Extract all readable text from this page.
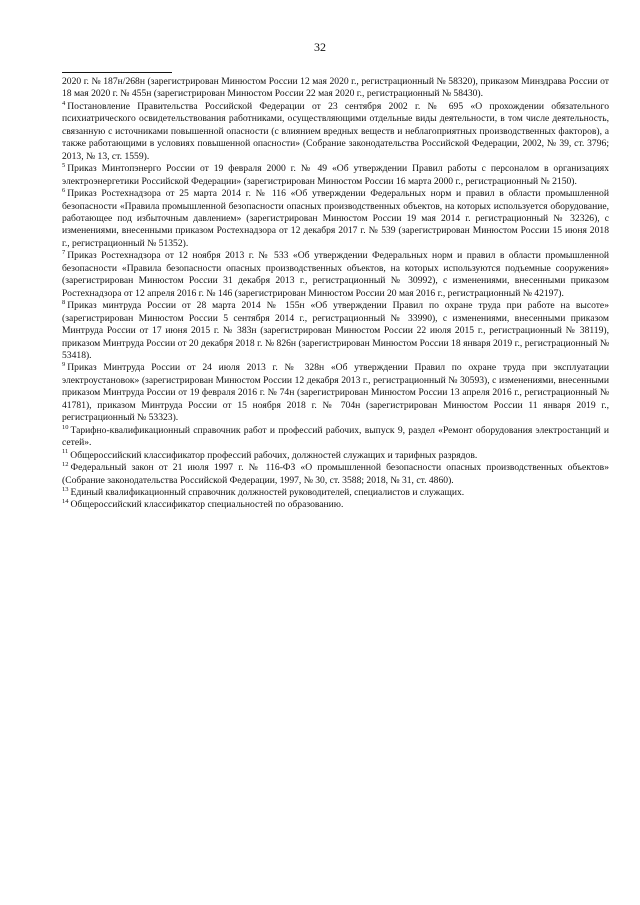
32

2020 г. № 187н/268н (зарегистрирован Минюстом России 12 мая 2020 г., регистрационный № 58320), приказом Минздрава России от 18 мая 2020 г. № 455н (зарегистрирован Минюстом России 22 мая 2020 г., регистрационный № 58430).

$^4$ Постановление Правительства Российской Федерации от 23 сентября 2002 г. № 695 «О прохождении обязательного психиатрического освидетельствования работниками, осуществляющими отдельные виды деятельности, в том числе деятельность, связанную с источниками повышенной опасности (с влиянием вредных веществ и неблагоприятных производственных факторов), а также работающими в условиях повышенной опасности» (Собрание законодательства Российской Федерации, 2002, № 39, ст. 3796; 2013, № 13, ст. 1559).

$^5$ Приказ Минтопэнерго России от 19 февраля 2000 г. № 49 «Об утверждении Правил работы с персоналом в организациях электроэнергетики Российской Федерации» (зарегистрирован Минюстом России 16 марта 2000 г., регистрационный № 2150).

$^6$ Приказ Ростехнадзора от 25 марта 2014 г. № 116 «Об утверждении Федеральных норм и правил в области промышленной безопасности «Правила промышленной безопасности опасных производственных объектов, на которых используется оборудование, работающее под избыточным давлением» (зарегистрирован Минюстом России 19 мая 2014 г. регистрационный № 32326), с изменениями, внесенными приказом Ростехнадзора от 12 декабря 2017 г. № 539 (зарегистрирован Минюстом России 15 июня 2018 г., регистрационный № 51352).

$^7$ Приказ Ростехнадзора от 12 ноября 2013 г. № 533 «Об утверждении Федеральных норм и правил в области промышленной безопасности «Правила безопасности опасных производственных объектов, на которых используются подъемные сооружения» (зарегистрирован Минюстом России 31 декабря 2013 г., регистрационный № 30992), с изменениями, внесенными приказом Ростехнадзора от 12 апреля 2016 г. № 146 (зарегистрирован Минюстом России 20 мая 2016 г., регистрационный № 42197).

$^8$ Приказ минтруда России от 28 марта 2014 № 155н «Об утверждении Правил по охране труда при работе на высоте» (зарегистрирован Минюстом России 5 сентября 2014 г., регистрационный № 33990), с изменениями, внесенными приказом Минтруда России от 17 июня 2015 г. № 383н (зарегистрирован Минюстом России 22 июля 2015 г., регистрационный № 38119), приказом Минтруда России от 20 декабря 2018 г. № 826н (зарегистрирован Минюстом России 18 января 2019 г., регистрационный № 53418).

$^9$ Приказ Минтруда России от 24 июля 2013 г. № 328н «Об утверждении Правил по охране труда при эксплуатации электроустановок» (зарегистрирован Минюстом России 12 декабря 2013 г., регистрационный № 30593), с изменениями, внесенными приказом Минтруда России от 19 февраля 2016 г. № 74н (зарегистрирован Минюстом России 13 апреля 2016 г., регистрационный № 41781), приказом Минтруда России от 15 ноября 2018 г. № 704н (зарегистрирован Минюстом России 11 января 2019 г., регистрационный № 53323).

$^{10}$ Тарифно-квалификационный справочник работ и профессий рабочих, выпуск 9, раздел «Ремонт оборудования электростанций и сетей».

$^{11}$ Общероссийский классификатор профессий рабочих, должностей служащих и тарифных разрядов.

$^{12}$ Федеральный закон от 21 июля 1997 г. № 116-ФЗ «О промышленной безопасности опасных производственных объектов» (Собрание законодательства Российской Федерации, 1997, № 30, ст. 3588; 2018, № 31, ст. 4860).

$^{13}$ Единый квалификационный справочник должностей руководителей, специалистов и служащих.

$^{14}$ Общероссийский классификатор специальностей по образованию.
